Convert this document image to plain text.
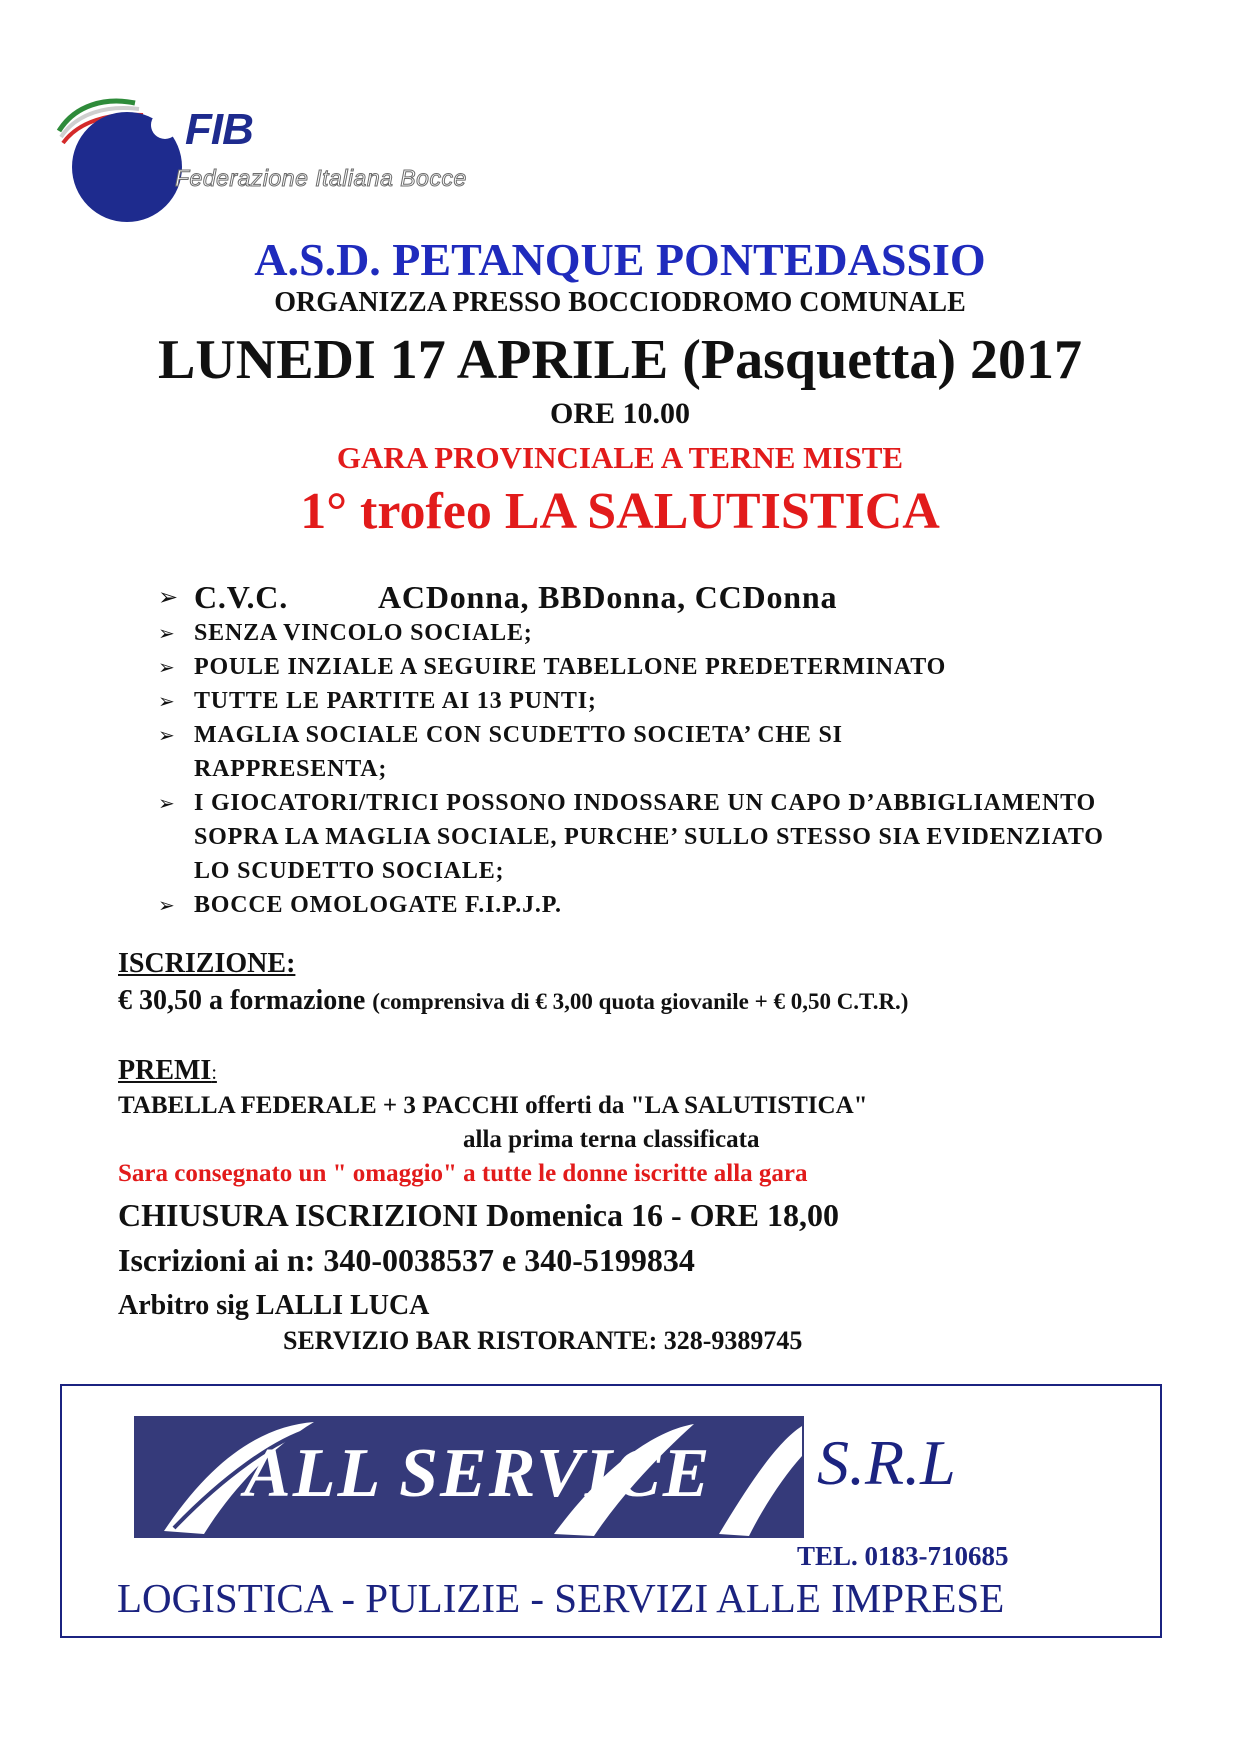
FIB
Federazione Italiana Bocce
A.S.D. PETANQUE PONTEDASSIO
ORGANIZZA PRESSO BOCCIODROMO COMUNALE
LUNEDI 17 APRILE (Pasquetta) 2017
ORE 10.00
GARA PROVINCIALE A TERNE MISTE
1° trofeo LA SALUTISTICA
➢ C.V.C.	ACDonna, BBDonna, CCDonna
➢ SENZA VINCOLO SOCIALE;
➢ POULE INZIALE A SEGUIRE TABELLONE PREDETERMINATO
➢ TUTTE LE PARTITE AI 13 PUNTI;
➢ MAGLIA SOCIALE CON SCUDETTO SOCIETA’ CHE SI RAPPRESENTA;
➢ I GIOCATORI/TRICI POSSONO INDOSSARE UN CAPO D’ABBIGLIAMENTO SOPRA LA MAGLIA SOCIALE, PURCHE’ SULLO STESSO SIA EVIDENZIATO LO SCUDETTO SOCIALE;
➢ BOCCE OMOLOGATE F.I.P.J.P.
ISCRIZIONE:
€ 30,50 a formazione (comprensiva di € 3,00 quota giovanile + € 0,50 C.T.R.)
PREMI:
TABELLA FEDERALE + 3 PACCHI offerti da "LA SALUTISTICA"
alla prima terna classificata
Sara consegnato un " omaggio" a tutte le donne iscritte alla gara
CHIUSURA ISCRIZIONI Domenica 16 - ORE 18,00
Iscrizioni ai n: 340-0038537 e 340-5199834
Arbitro sig LALLI LUCA
SERVIZIO BAR RISTORANTE: 328-9389745
ALL SERVICE S.R.L
TEL. 0183-710685
LOGISTICA - PULIZIE - SERVIZI ALLE IMPRESE
